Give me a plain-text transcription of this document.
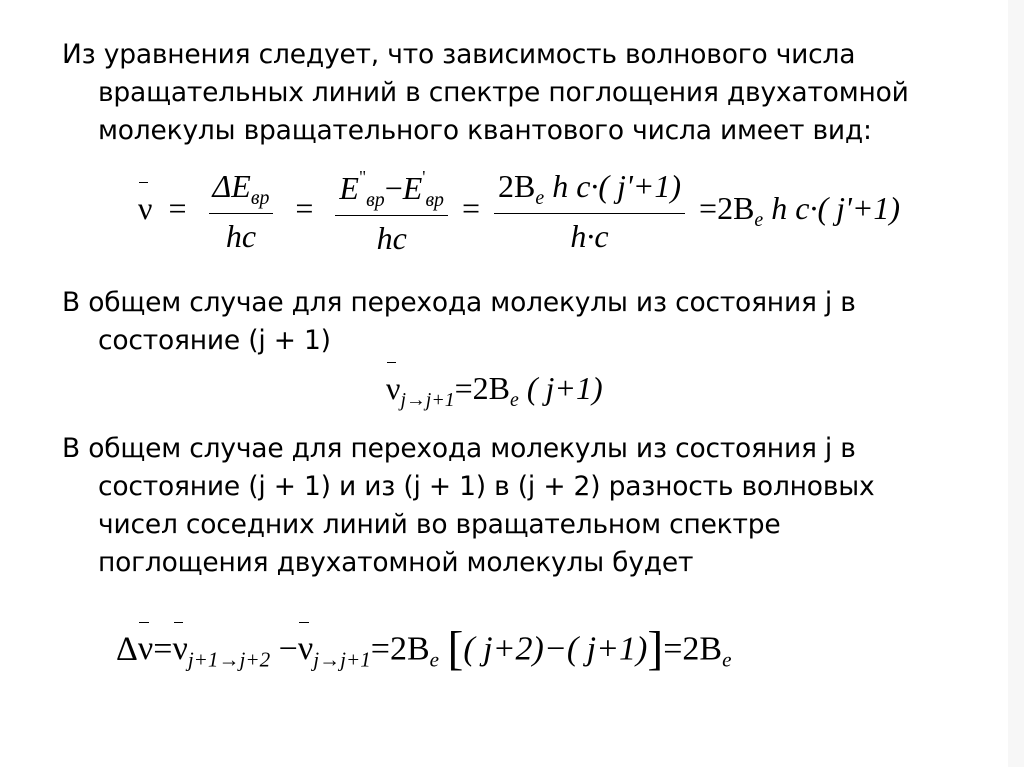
Из уравнения следует, что зависимость волнового числа вращательных линий в спектре поглощения двухатомной молекулы вращательного квантового числа имеет вид:
$\nu = \frac{\Delta E_{вр}}{hc} = \frac{E^"_{вр}-E'_{вр}}{hc} = \frac{2B_e h c\cdot( j'+1)}{h\cdot c} =2B_e$ h c·( j'+1)
В общем случае для перехода молекулы из состояния j в состояние (j + 1)
$\nu_{j\to j+1}=2B_e$ ( j+1)
В общем случае для перехода молекулы из состояния j в состояние (j + 1) и из (j + 1) в (j + 2) разность волновых чисел соседних линий во вращательном спектре поглощения двухатомной молекулы будет
$\Delta\nu=\nu_{j+1\to j+2} -\nu_{j\to j+1}=2B_e$ [( j+2)−( $j+1)]=2B_e$
